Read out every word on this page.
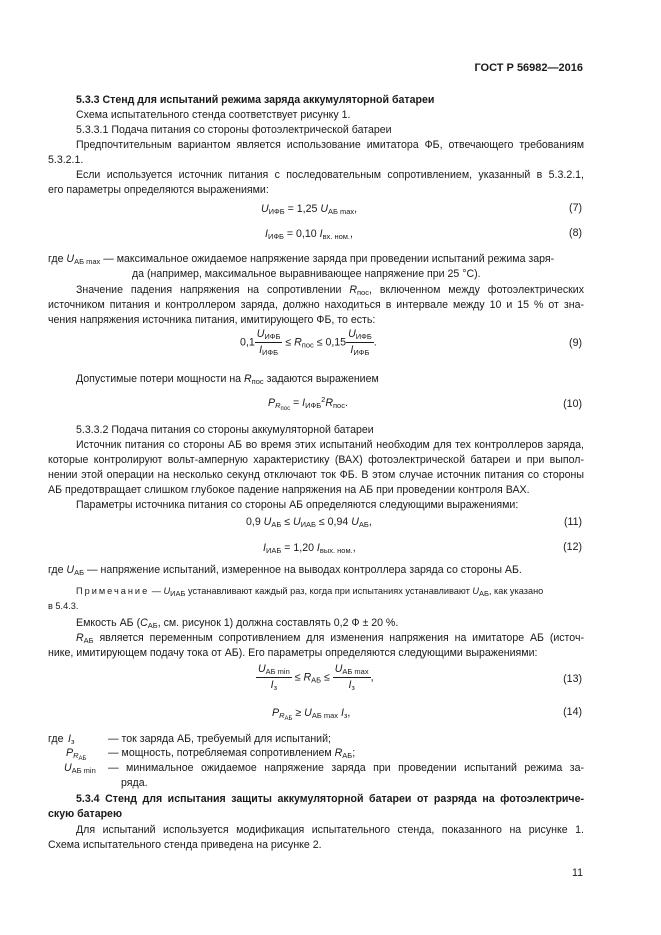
ГОСТ Р 56982—2016
5.3.3 Стенд для испытаний режима заряда аккумуляторной батареи
Схема испытательного стенда соответствует рисунку 1.
5.3.3.1 Подача питания со стороны фотоэлектрической батареи
Предпочтительным вариантом является использование имитатора ФБ, отвечающего требованиям
5.3.2.1.
Если используется источник питания с последовательным сопротивлением, указанный в 5.3.2.1,
его параметры определяются выражениями:
$U_{ИФБ} = 1,25$ $U_{АБ max}$,	(7)
$I_{ИФБ} = 0,10$ $I_{вх. ном.}$,	(8)
где $U_{АБ max}$ — максимальное ожидаемое напряжение заряда при проведении испытаний режима заря-
да (например, максимальное выравнивающее напряжение при 25 °С).
Значение падения напряжения на сопротивлении $R_{пос}$, включенном между фотоэлектрических
источником питания и контроллером заряда, должно находиться в интервале между 10 и 15 % от зна-
чения напряжения источника питания, имитирующего ФБ, то есть:
$0,1 \frac{U_{ИФБ}}{I_{ИФБ}} \le R_{пос} \le 0,15 \frac{U_{ИФБ}}{I_{ИФБ}}$ .	(9)
Допустимые потери мощности на $R_{пос}$ задаются выражением
$P_{R_{пос}} = I_{ИФБ}^2R_{пос}$.	(10)
5.3.3.2 Подача питания со стороны аккумуляторной батареи
Источник питания со стороны АБ во время этих испытаний необходим для тех контроллеров заряда,
которые контролируют вольт-амперную характеристику (ВАХ) фотоэлектрической батареи и при выпол-
нении этой операции на несколько секунд отключают ток ФБ. В этом случае источник питания со стороны
АБ предотвращает слишком глубокое падение напряжения на АБ при проведении контроля ВАХ.
Параметры источника питания со стороны АБ определяются следующими выражениями:
0,9 $U_{АБ} \le U_{ИАБ} \le 0,94$ $U_{АБ}$,	(11)
$I_{ИАБ} = 1,20$ $I_{вых. ном.}$,	(12)
где $U_{АБ}$ — напряжение испытаний, измеренное на выводах контроллера заряда со стороны АБ.
Примечание — $U_{ИАБ}$ устанавливают каждый раз, когда при испытаниях устанавливают $U_{АБ}$, как указано
в 5.4.3.
Емкость АБ ($C_{АБ}$, см. рисунок 1) должна составлять 0,2 Ф ± 20 %.
$R_{АБ}$ является переменным сопротивлением для изменения напряжения на имитаторе АБ (источ-
нике, имитирующем подачу тока от АБ). Его параметры определяются следующими выражениями:
$\frac{U_{АБ min}}{I_з} \le R_{АБ} \le \frac{U_{АБ max}}{I_з}$ ,	(13)
$P_{R_{АБ}} \ge U_{АБ max}$ $I_з$,	(14)
где $I_з$	— ток заряда АБ, требуемый для испытаний;
$P_{R_{АБ}}$ — мощность, потребляемая сопротивлением $R_{АБ}$;
$U_{АБ min}$ — минимальное ожидаемое напряжение заряда при проведении испытаний режима за-
ряда.
5.3.4 Стенд для испытания защиты аккумуляторной батареи от разряда на фотоэлектриче-
скую батарею
Для испытаний используется модификация испытательного стенда, показанного на рисунке 1.
Схема испытательного стенда приведена на рисунке 2.
11
